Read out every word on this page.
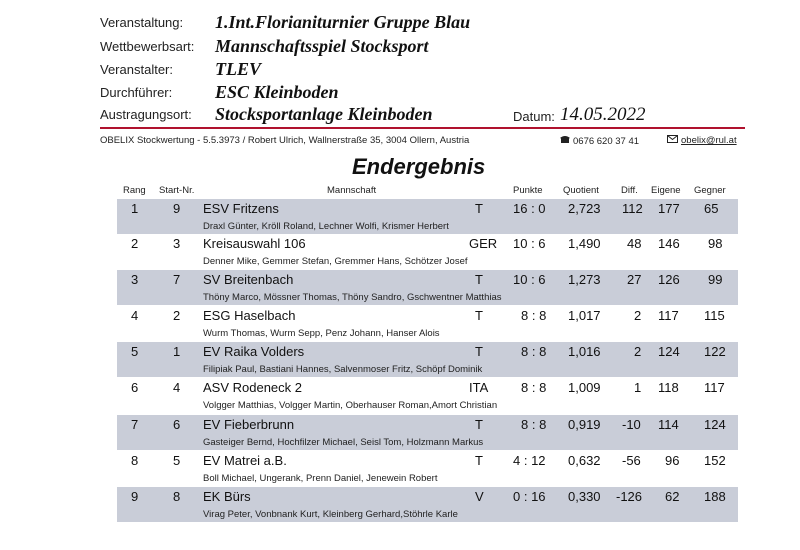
Veranstaltung: 1.Int.Florianiturnier Gruppe Blau
Wettbewerbsart: Mannschaftsspiel Stocksport
Veranstalter: TLEV
Durchführer: ESC Kleinboden
Austragungsort: Stocksportanlage Kleinboden	Datum: 14.05.2022
OBELIX Stockwertung - 5.5.3973 / Robert Ulrich, Wallnerstraße 35, 3004 Ollern, Austria	0676 620 37 41	obelix@rul.at
Endergebnis
Rang Start-Nr.	Mannschaft	Punkte Quotient Diff. Eigene Gegner
1	9 ESV Fritzens	T 16 : 0 2,723 112 177 65
Draxl Günter, Kröll Roland, Lechner Wolfi, Krismer Herbert
2	3 Kreisauswahl 106	GER 10 : 6 1,490 48 146 98
Denner Mike, Gemmer Stefan, Gremmer Hans, Schötzer Josef
3	7 SV Breitenbach	T 10 : 6 1,273 27 126 99
Thöny Marco, Mössner Thomas, Thöny Sandro, Gschwentner Matthias
4	2 ESG Haselbach	T	8 : 8 1,017	2 117 115
Wurm Thomas, Wurm Sepp, Penz Johann, Hanser Alois
5	1 EV Raika Volders	T	8 : 8 1,016	2 124 122
Filipiak Paul, Bastiani Hannes, Salvenmoser Fritz, Schöpf Dominik
6	4 ASV Rodeneck 2	ITA	8 : 8 1,009	1 118 117
Volgger Matthias, Volgger Martin, Oberhauser Roman,Amort Christian
7	6 EV Fieberbrunn	T	8 : 8 0,919 -10 114 124
Gasteiger Bernd, Hochfilzer Michael, Seisl Tom, Holzmann Markus
8	5 EV Matrei a.B.	T 4 : 12 0,632 -56 96 152
Boll Michael, Ungerank, Prenn Daniel, Jenewein Robert
9	8 EK Bürs	V 0 : 16 0,330 -126 62 188
Virag Peter, Vonbnank Kurt, Kleinberg Gerhard,Stöhrle Karle
